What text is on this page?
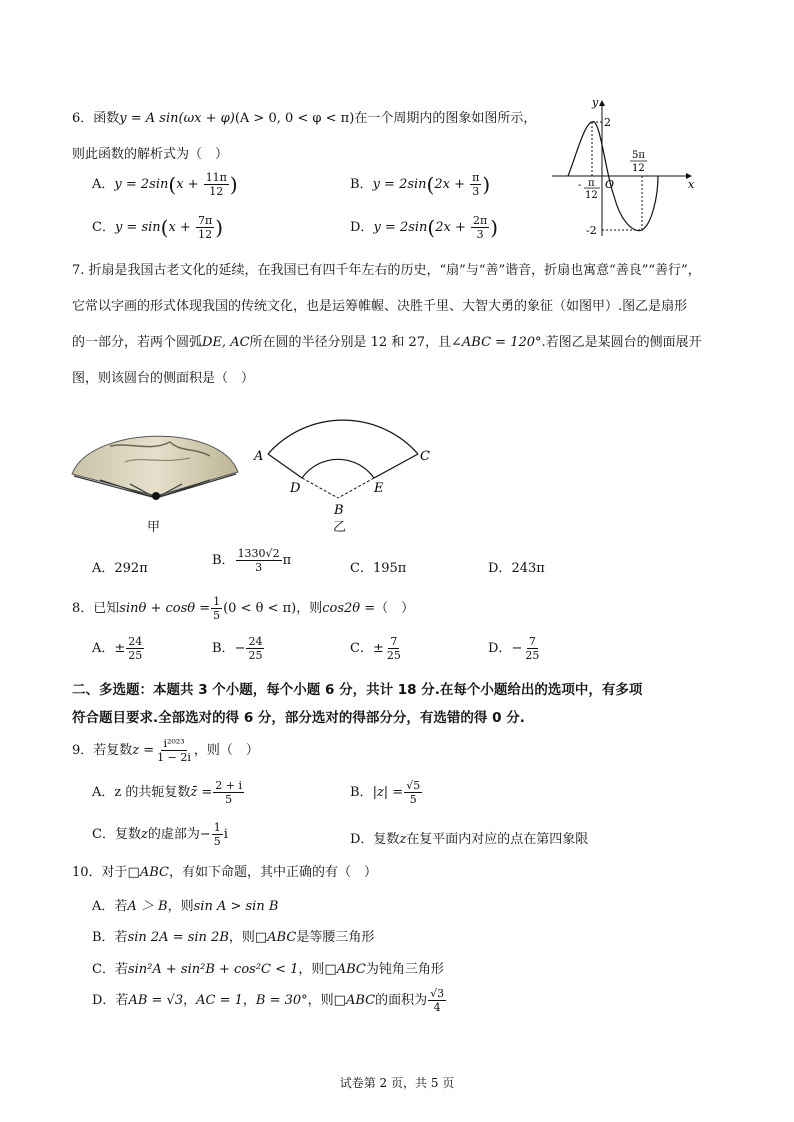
6．函数y = A sin(ωx + φ)(A > 0, 0 < φ < π)在一个周期内的图象如图所示，
则此函数的解析式为（　）
A．$y = 2\sin(x + \frac{11\pi}{12}$ )	B．$y = 2\sin(2x + \frac{\pi}{3}$ )
C．$y = \sin(x + \frac{7\pi}{12}$ )	D．$y = 2\sin(2x + \frac{2\pi}{3}$ )
y
x
2
-2
O
- π
12
5π
12
7. 折扇是我国古老文化的延续，在我国已有四千年左右的历史，“扇”与“善”谐音，折扇也寓意“善良”“善行”，
它常以字画的形式体现我国的传统文化，也是运筹帷幄、决胜千里、大智大勇的象征（如图甲）.图乙是扇形
的一部分，若两个圆弧DE, AC所在圆的半径分别是 12 和 27，且∠ABC = 120°.若图乙是某圆台的侧面展开
图，则该圆台的侧面积是（　）
甲
A	C
D	E
B
乙
A．292π
B． $\frac{1330√2}{3}$ π
C．195π	D．243π
8．已知$\sin\theta + \cos\theta = \frac{1}{5} (0 < \theta < \pi)$，则cos2θ =（　）
A．± $\frac{24}{25}$	B．− $\frac{24}{25}$	C．± $\frac{7}{25}$	D．− $\frac{7}{25}$
二、多选题：本题共 3 个小题，每个小题 6 分，共计 18 分.在每个小题给出的选项中，有多项
符合题目要求.全部选对的得 6 分，部分选对的得部分分，有选错的得 0 分.
9．若复数$z = \frac{\text{i²⁰²³}}{1 - 2i}$ ，则（　）
A．z 的共轭复数z̄ = $\frac{2 + i}{5}$	B．$|z| = \frac{√5}{5}$
C．复数z的虚部为− $\frac{1}{5}$ i	D．复数z在复平面内对应的点在第四象限
10．对于□ABC，有如下命题，其中正确的有（　）
A．若A ＞ B，则sin A > sin B
B．若sin 2A = sin 2B，则□ABC是等腰三角形
C．若sin²A + sin²B + cos²C < 1，则□ABC为钝角三角形
D．若AB = √3，AC = 1，B = 30°，则□ABC的面积为 $\frac{√3}{4}$
试卷第 2 页，共 5 页
